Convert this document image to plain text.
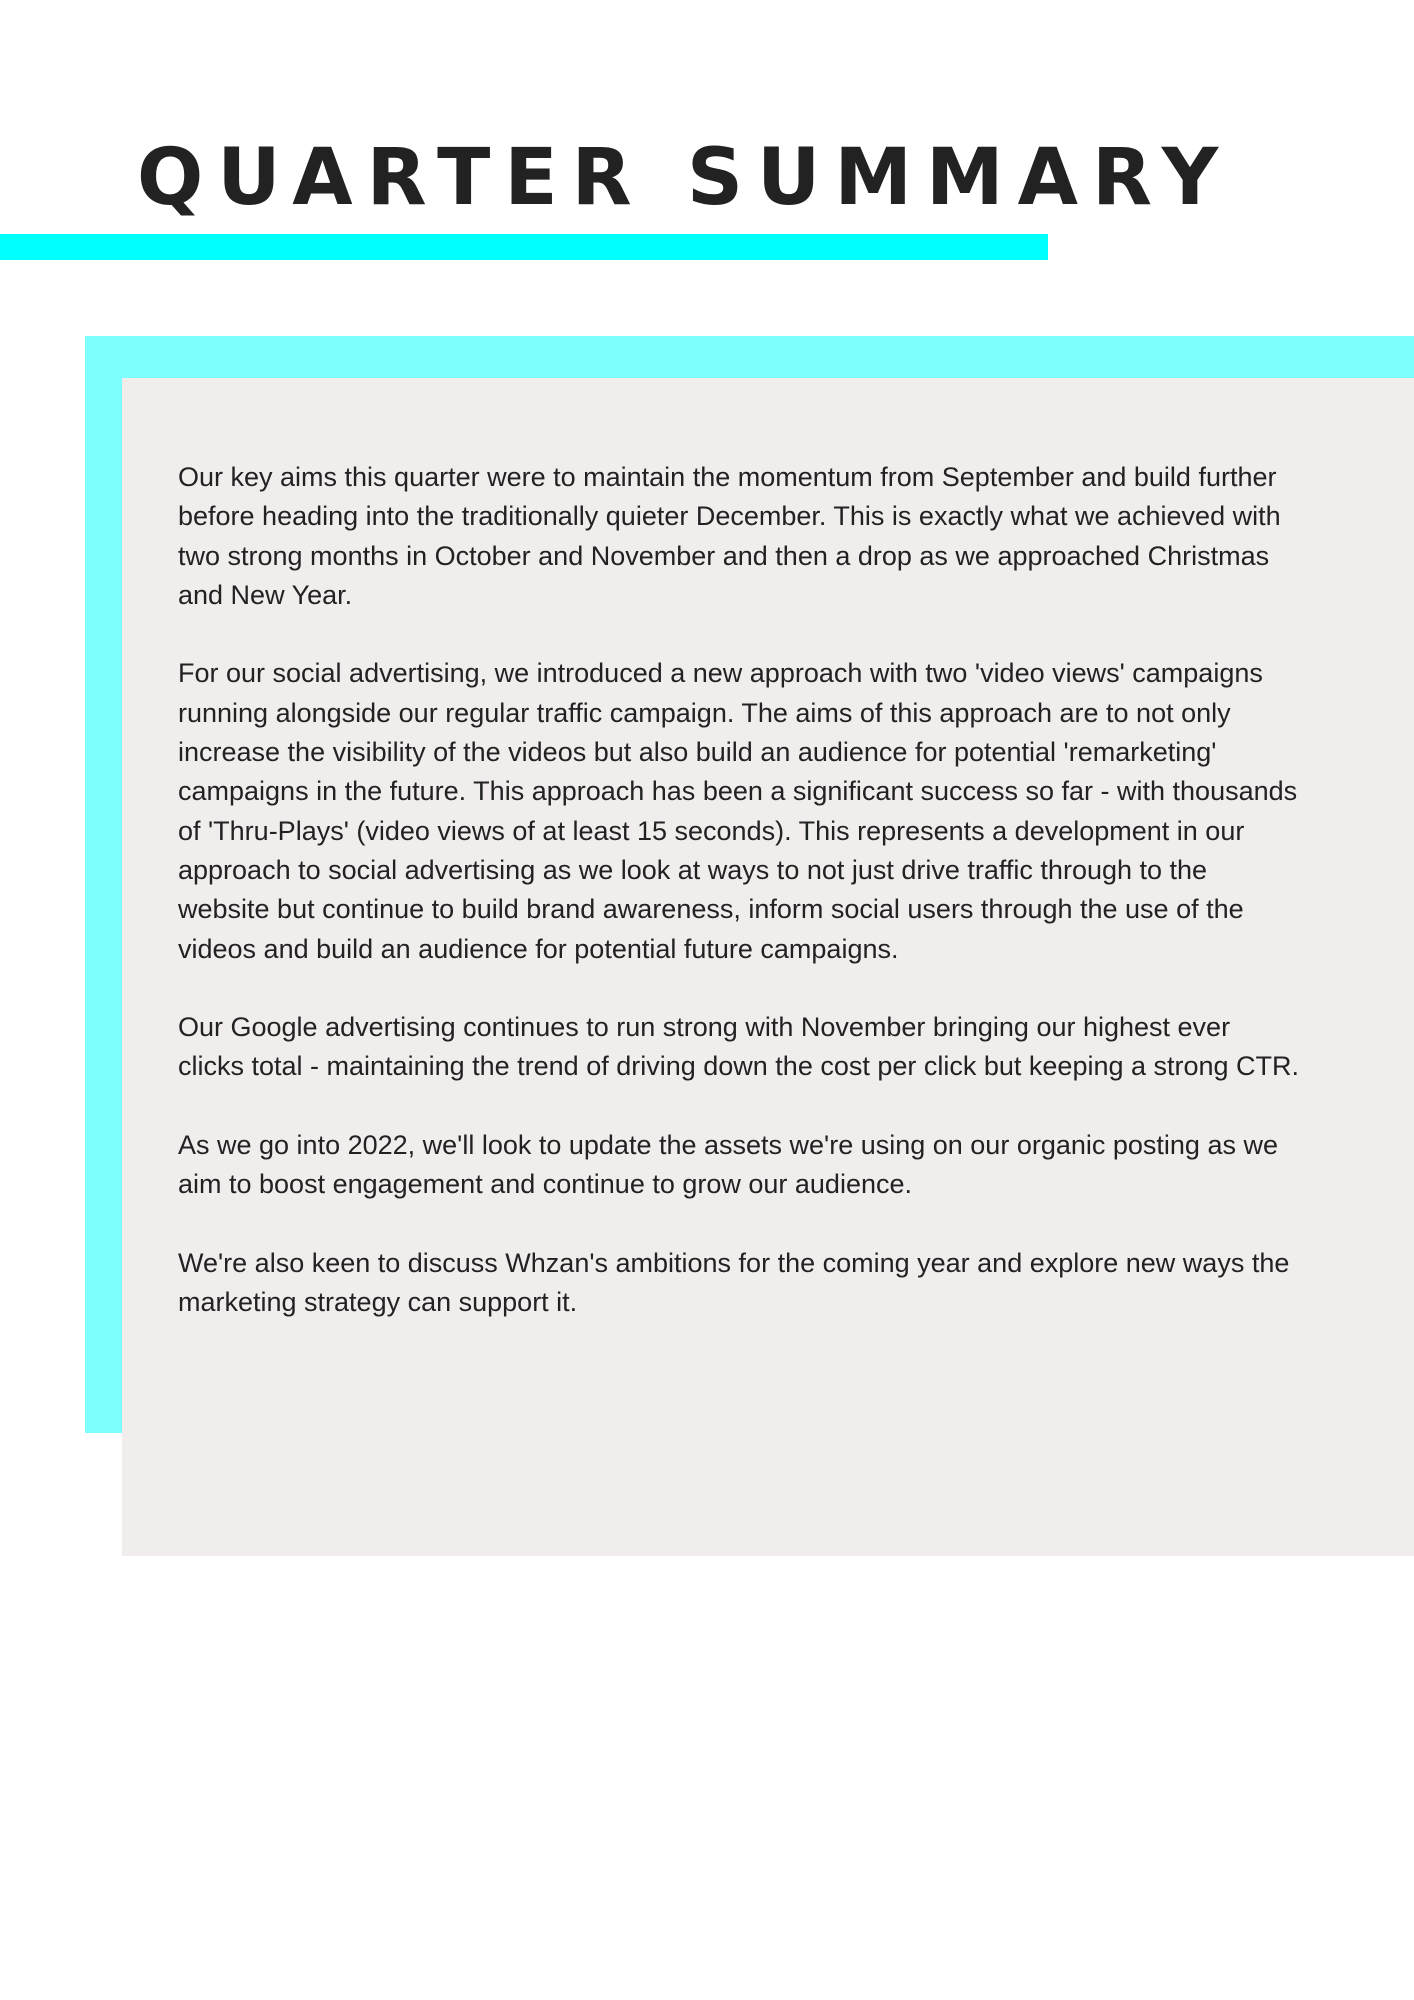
QUARTER SUMMARY

Our key aims this quarter were to maintain the momentum from September and build further before heading into the traditionally quieter December. This is exactly what we achieved with two strong months in October and November and then a drop as we approached Christmas and New Year.

For our social advertising, we introduced a new approach with two 'video views' campaigns running alongside our regular traffic campaign. The aims of this approach are to not only increase the visibility of the videos but also build an audience for potential 'remarketing' campaigns in the future. This approach has been a significant success so far - with thousands of 'Thru-Plays' (video views of at least 15 seconds). This represents a development in our approach to social advertising as we look at ways to not just drive traffic through to the website but continue to build brand awareness, inform social users through the use of the videos and build an audience for potential future campaigns.

Our Google advertising continues to run strong with November bringing our highest ever clicks total - maintaining the trend of driving down the cost per click but keeping a strong CTR.

As we go into 2022, we'll look to update the assets we're using on our organic posting as we aim to boost engagement and continue to grow our audience.

We're also keen to discuss Whzan's ambitions for the coming year and explore new ways the marketing strategy can support it.
